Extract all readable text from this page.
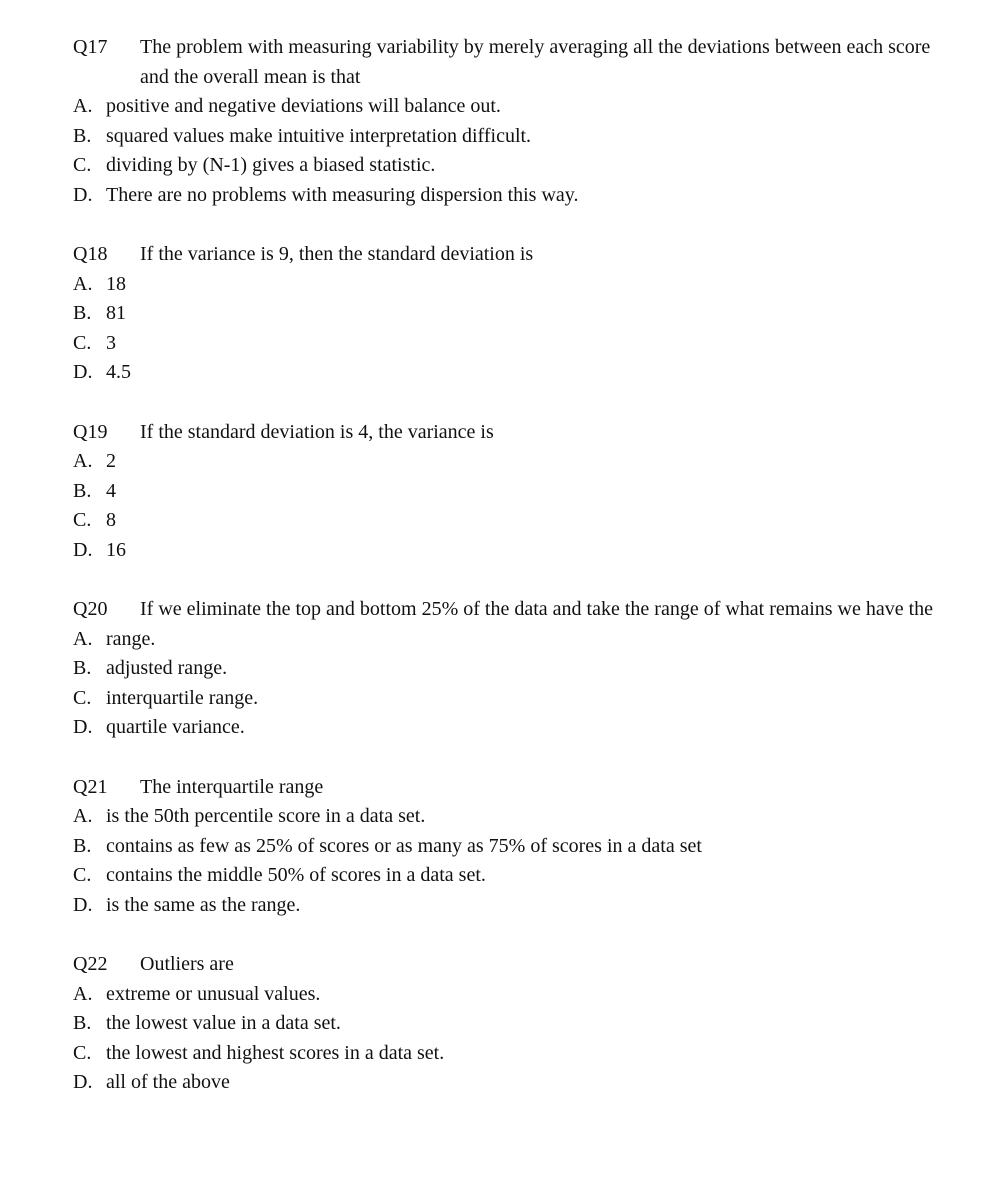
Q17	The problem with measuring variability by merely averaging all the deviations between each score and the overall mean is that
A. positive and negative deviations will balance out.
B. squared values make intuitive interpretation difficult.
C. dividing by (N-1) gives a biased statistic.
D. There are no problems with measuring dispersion this way.
Q18	If the variance is 9, then the standard deviation is
A. 18
B. 81
C. 3
D. 4.5
Q19	If the standard deviation is 4, the variance is
A. 2
B. 4
C. 8
D. 16
Q20	If we eliminate the top and bottom 25% of the data and take the range of what remains we have the
A. range.
B. adjusted range.
C. interquartile range.
D. quartile variance.
Q21	The interquartile range
A. is the 50th percentile score in a data set.
B. contains as few as 25% of scores or as many as 75% of scores in a data set
C. contains the middle 50% of scores in a data set.
D. is the same as the range.
Q22	Outliers are
A. extreme or unusual values.
B. the lowest value in a data set.
C. the lowest and highest scores in a data set.
D. all of the above
